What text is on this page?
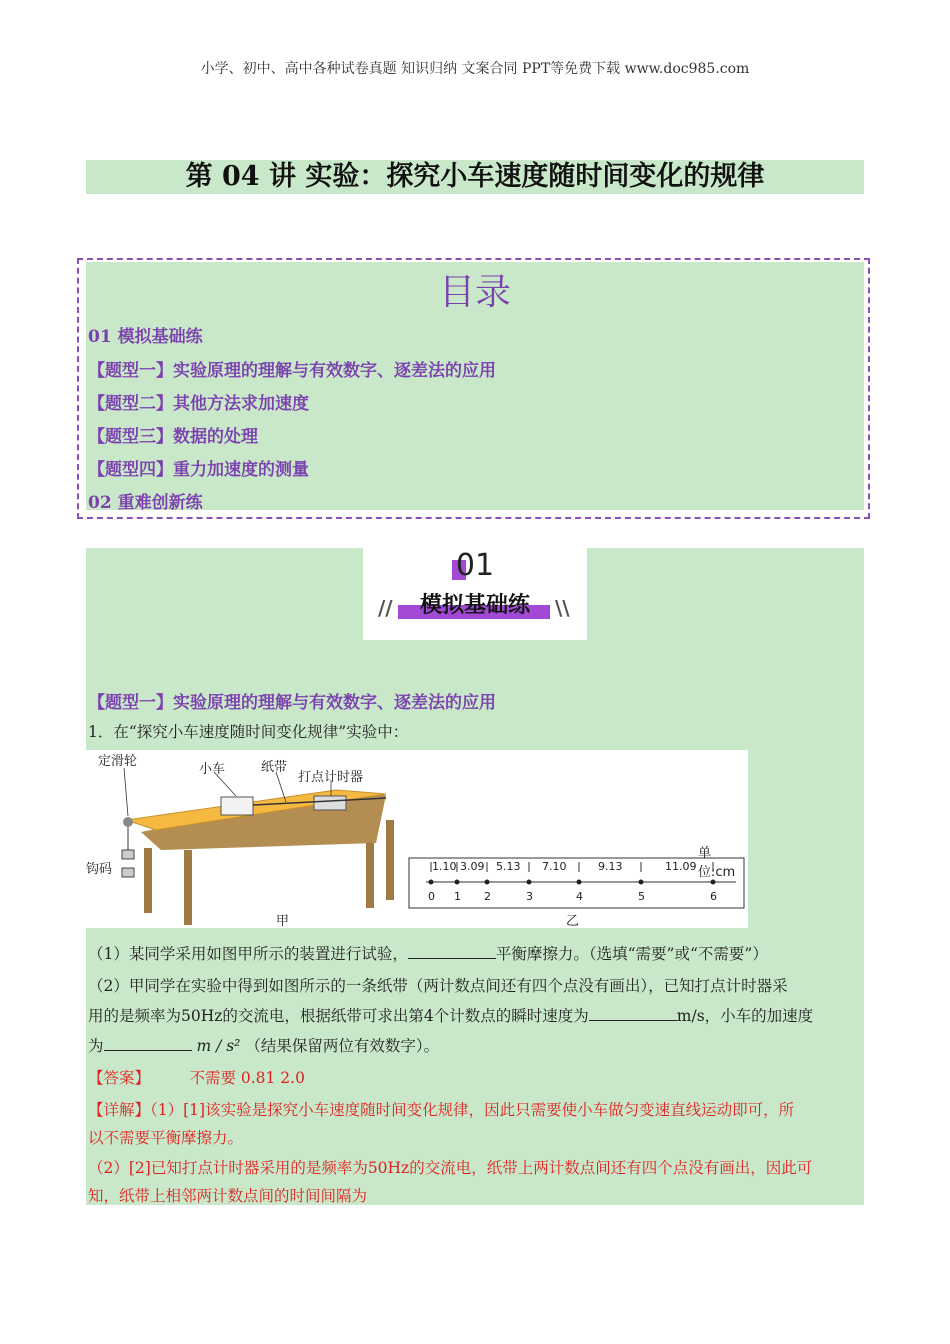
小学、初中、高中各种试卷真题 知识归纳 文案合同 PPT等免费下载 www.doc985.com
第 04 讲 实验：探究小车速度随时间变化的规律
目录
01 模拟基础练
【题型一】实验原理的理解与有效数字、逐差法的应用
【题型二】其他方法求加速度
【题型三】数据的处理
【题型四】重力加速度的测量
02 重难创新练
01
//	\\
模拟基础练
【题型一】实验原理的理解与有效数字、逐差法的应用
1．在“探究小车速度随时间变化规律”实验中：
定滑轮
小车	纸带
打点计时器
钩码
甲	乙
单位:cm
0
1.10
1
3.09
2
5.13
3
7.10
4
9.13
5
11.09
6
（1）某同学采用如图甲所示的装置进行试验，	平衡摩擦力。（选填“需要”或“不需要”）
（2）甲同学在实验中得到如图所示的一条纸带（两计数点间还有四个点没有画出），已知打点计时器采
用的是频率为50Hz的交流电，根据纸带可求出第4个计数点的瞬时速度为	m/s，小车的加速度
为	m / s² （结果保留两位有效数字）。
【答案】	不需要 0.81 2.0
【详解】（1）[1]该实验是探究小车速度随时间变化规律，因此只需要使小车做匀变速直线运动即可，所
以不需要平衡摩擦力。
（2）[2]已知打点计时器采用的是频率为50Hz的交流电，纸带上两计数点间还有四个点没有画出，因此可
知，纸带上相邻两计数点间的时间间隔为
